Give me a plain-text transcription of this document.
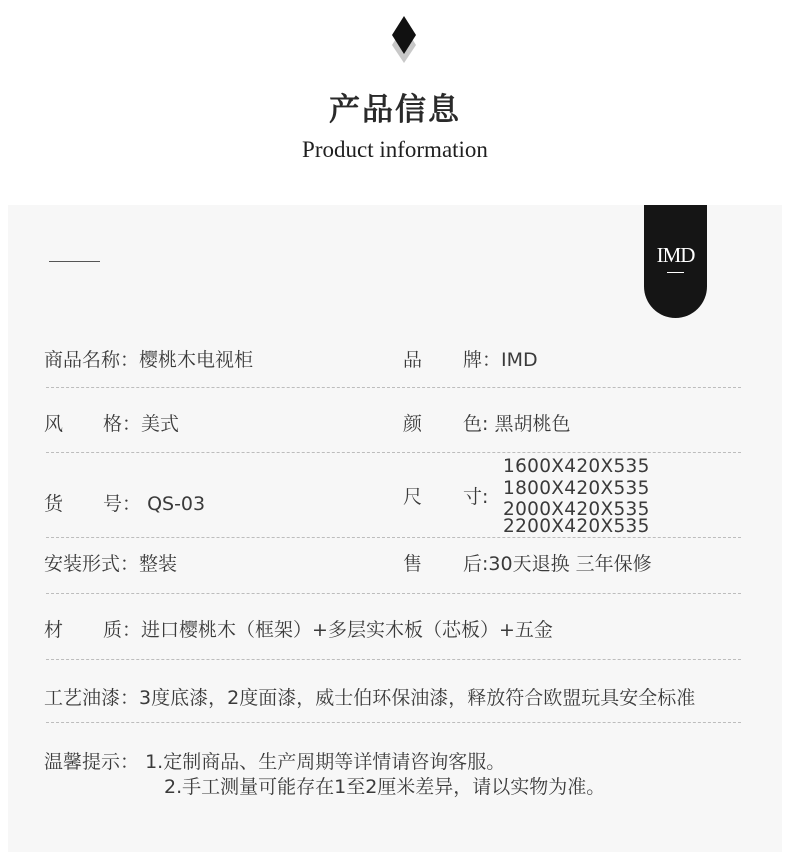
产品信息
Product information
IMD
商品名称：樱桃木电视柜	品 牌：IMD
风 格：美式	颜 色: 黑胡桃色
货 号： QS-03	尺 寸:
1600X420X535
1800X420X535
2000X420X535
2200X420X535
安装形式：整装	售 后:30天退换 三年保修
材 质：进口樱桃木（框架）+多层实木板（芯板）+五金
工艺油漆：3度底漆，2度面漆，威士伯环保油漆，释放符合欧盟玩具安全标准
温馨提示： 1.定制商品、生产周期等详情请咨询客服。
2.手工测量可能存在1至2厘米差异，请以实物为准。
